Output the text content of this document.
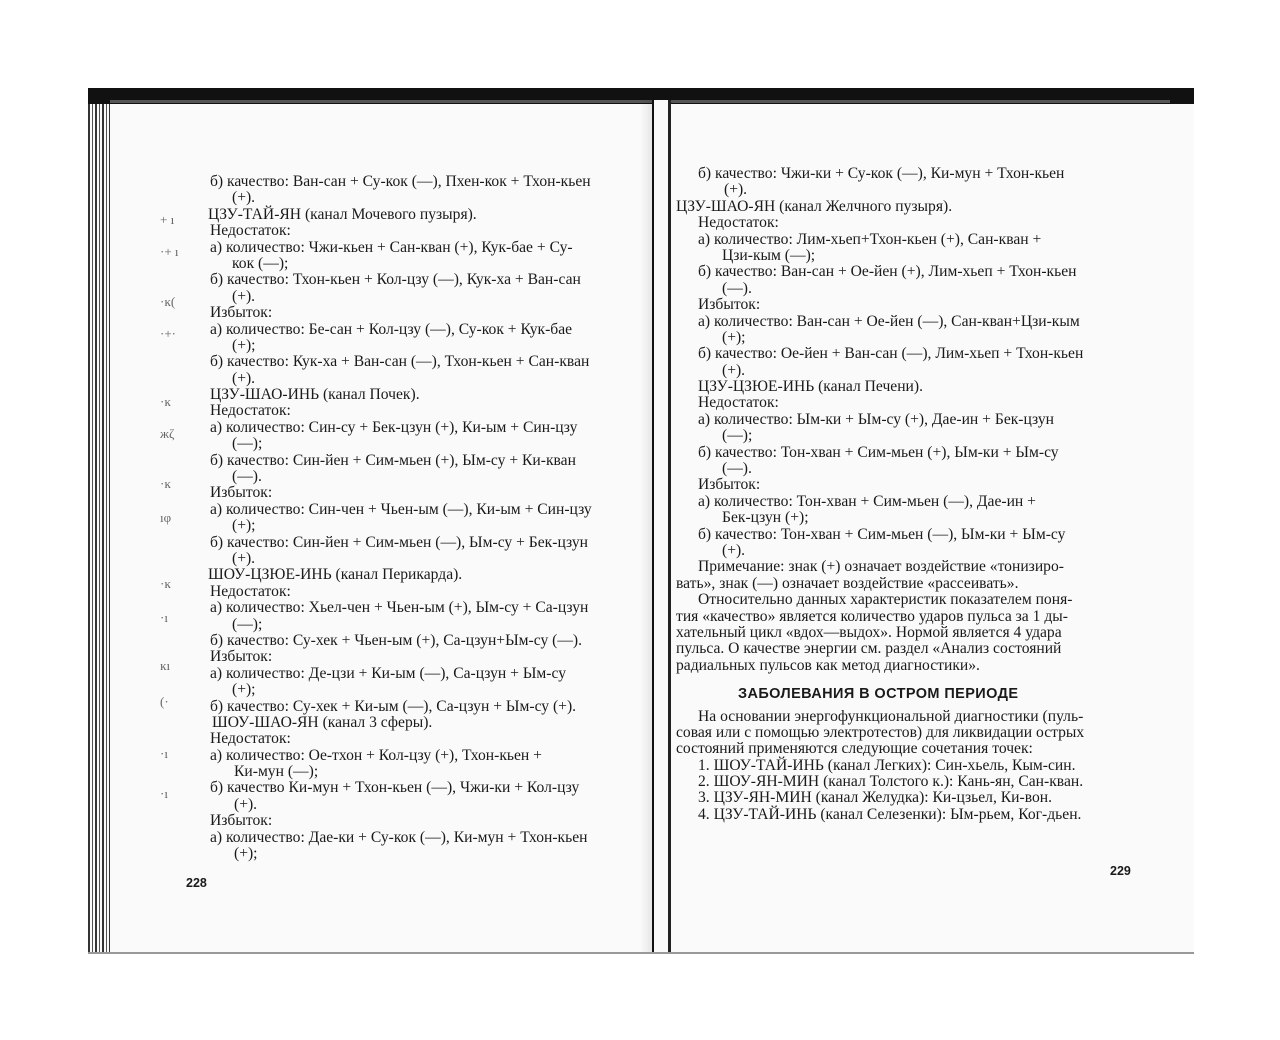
+ ı
·+ ı
·ĸ(
·+·
·ĸ
жζ
·ĸ
ıφ
·ĸ
·ı
ĸı
(·
·ı
·ı
б) качество: Ван-сан + Су-кок (—), Пхен-кок + Тхон-кьен
(+).
ЦЗУ-ТАЙ-ЯН (канал Мочевого пузыря).
Недостаток:
а) количество: Чжи-кьен + Сан-кван (+), Кук-бае + Су-
кок (—);
б) качество: Тхон-кьен + Кол-цзу (—), Кук-ха + Ван-сан
(+).
Избыток:
а) количество: Бе-сан + Кол-цзу (—), Су-кок + Кук-бае
(+);
б) качество: Кук-ха + Ван-сан (—), Тхон-кьен + Сан-кван
(+).
ЦЗУ-ШАО-ИНЬ (канал Почек).
Недостаток:
а) количество: Син-су + Бек-цзун (+), Ки-ым + Син-цзу
(—);
б) качество: Син-йен + Сим-мьен (+), Ым-су + Ки-кван
(—).
Избыток:
а) количество: Син-чен + Чьен-ым (—), Ки-ым + Син-цзу
(+);
б) качество: Син-йен + Сим-мьен (—), Ым-су + Бек-цзун
(+).
ШОУ-ЦЗЮЕ-ИНЬ (канал Перикарда).
Недостаток:
а) количество: Хьел-чен + Чьен-ым (+), Ым-су + Са-цзун
(—);
б) качество: Су-хек + Чьен-ым (+), Са-цзун+Ым-су (—).
Избыток:
а) количество: Де-цзи + Ки-ым (—), Са-цзун + Ым-су
(+);
б) качество: Су-хек + Ки-ым (—), Са-цзун + Ым-су (+).
ШОУ-ШАО-ЯН (канал 3 сферы).
Недостаток:
а) количество: Ое-тхон + Кол-цзу (+), Тхон-кьен +
Ки-мун (—);
б) качество Ки-мун + Тхон-кьен (—), Чжи-ки + Кол-цзу
(+).
Избыток:
а) количество: Дае-ки + Су-кок (—), Ки-мун + Тхон-кьен
(+);
228
б) качество: Чжи-ки + Су-кок (—), Ки-мун + Тхон-кьен
(+).
ЦЗУ-ШАО-ЯН (канал Желчного пузыря).
Недостаток:
а) количество: Лим-хьеп+Тхон-кьен (+), Сан-кван +
Цзи-кым (—);
б) качество: Ван-сан + Ое-йен (+), Лим-хьеп + Тхон-кьен
(—).
Избыток:
а) количество: Ван-сан + Ое-йен (—), Сан-кван+Цзи-кым
(+);
б) качество: Ое-йен + Ван-сан (—), Лим-хьеп + Тхон-кьен
(+).
ЦЗУ-ЦЗЮЕ-ИНЬ (канал Печени).
Недостаток:
а) количество: Ым-ки + Ым-су (+), Дае-ин + Бек-цзун
(—);
б) качество: Тон-хван + Сим-мьен (+), Ым-ки + Ым-су
(—).
Избыток:
а) количество: Тон-хван + Сим-мьен (—), Дае-ин +
Бек-цзун (+);
б) качество: Тон-хван + Сим-мьен (—), Ым-ки + Ым-су
(+).
Примечание: знак (+) означает воздействие «тонизиро-
вать», знак (—) означает воздействие «рассеивать».
Относительно данных характеристик показателем поня-
тия «качество» является количество ударов пульса за 1 ды-
хательный цикл «вдох—выдох». Нормой является 4 удара
пульса. О качестве энергии см. раздел «Анализ состояний
радиальных пульсов как метод диагностики».
ЗАБОЛЕВАНИЯ В ОСТРОМ ПЕРИОДЕ
На основании энергофункциональной диагностики (пуль-
совая или с помощью электротестов) для ликвидации острых
состояний применяются следующие сочетания точек:
1. ШОУ-ТАЙ-ИНЬ (канал Легких): Син-хьель, Кым-син.
2. ШОУ-ЯН-МИН (канал Толстого к.): Кань-ян, Сан-кван.
3. ЦЗУ-ЯН-МИН (канал Желудка): Ки-цзьел, Ки-вон.
4. ЦЗУ-ТАЙ-ИНЬ (канал Селезенки): Ым-рьем, Ког-дьен.
229
